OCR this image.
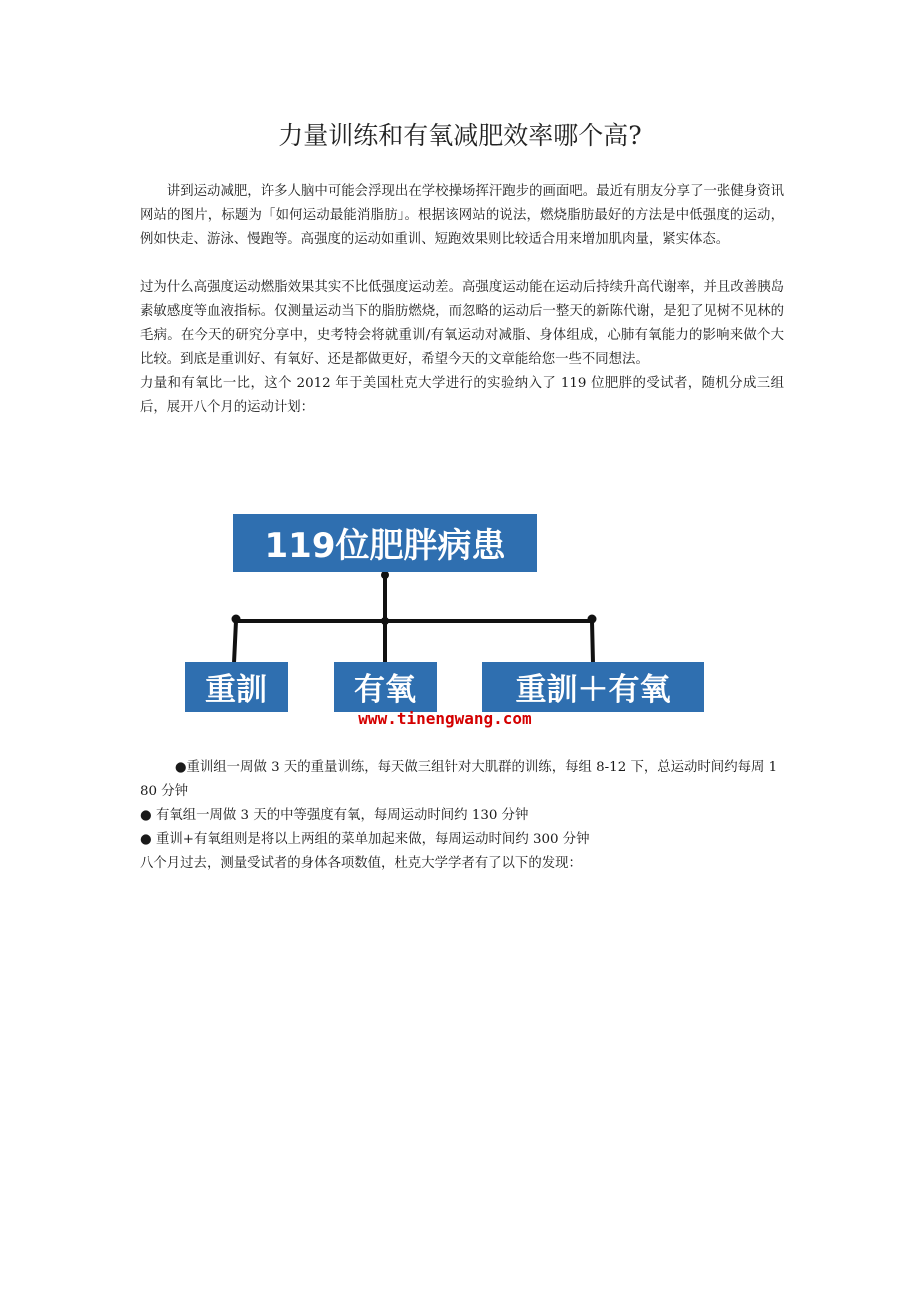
力量训练和有氧减肥效率哪个高?

讲到运动减肥，许多人脑中可能会浮现出在学校操场挥汗跑步的画面吧。最近有朋友分享了一张健身资讯网站的图片，标题为「如何运动最能消脂肪」。根据该网站的说法，燃烧脂肪最好的方法是中低强度的运动，例如快走、游泳、慢跑等。高强度的运动如重训、短跑效果则比较适合用来增加肌肉量，紧实体态。

过为什么高强度运动燃脂效果其实不比低强度运动差。高强度运动能在运动后持续升高代谢率，并且改善胰岛素敏感度等血液指标。仅测量运动当下的脂肪燃烧，而忽略的运动后一整天的新陈代谢，是犯了见树不见林的毛病。在今天的研究分享中，史考特会将就重训/有氧运动对减脂、身体组成，心肺有氧能力的影响来做个大比较。到底是重训好、有氧好、还是都做更好，希望今天的文章能给您一些不同想法。

力量和有氧比一比，这个 2012 年于美国杜克大学进行的实验纳入了 119 位肥胖的受试者，随机分成三组后，展开八个月的运动计划：

119位肥胖病患
重訓	有氧	重訓＋有氧
www.tinengwang.com
●重训组一周做 3 天的重量训练，每天做三组针对大肌群的训练，每组 8-12 下，总运动时间约每周 180 分钟
● 有氧组一周做 3 天的中等强度有氧，每周运动时间约 130 分钟
● 重训+有氧组则是将以上两组的菜单加起来做，每周运动时间约 300 分钟

八个月过去，测量受试者的身体各项数值，杜克大学学者有了以下的发现：
